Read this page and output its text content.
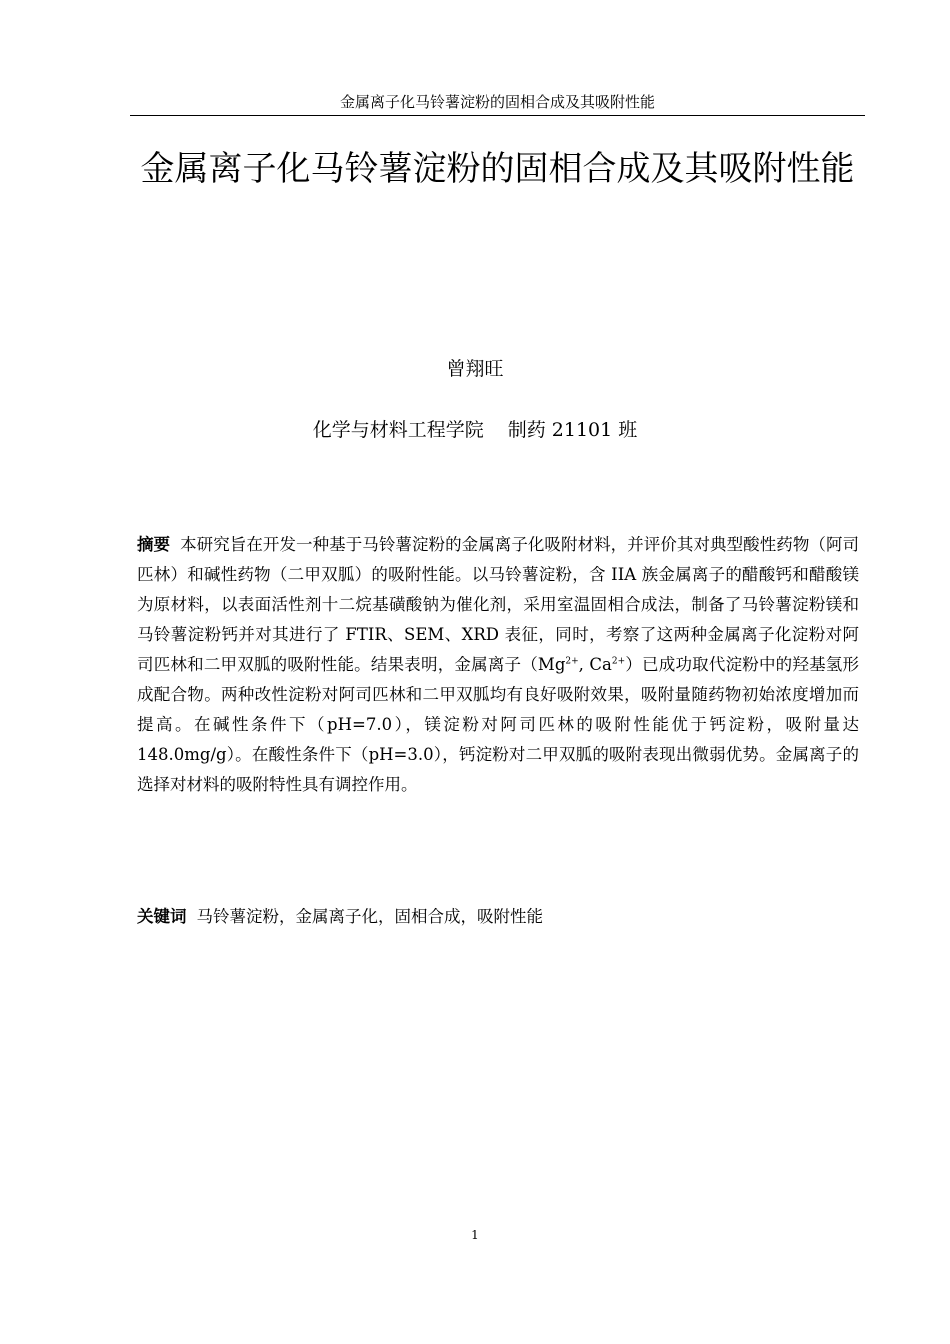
金属离子化马铃薯淀粉的固相合成及其吸附性能
金属离子化马铃薯淀粉的固相合成及其吸附性能
曾翔旺
化学与材料工程学院 制药 21101 班
摘要 本研究旨在开发一种基于马铃薯淀粉的金属离子化吸附材料，并评价其对典型酸性药物（阿司匹林）和碱性药物（二甲双胍）的吸附性能。以马铃薯淀粉，含 IIA 族金属离子的醋酸钙和醋酸镁为原材料，以表面活性剂十二烷基磺酸钠为催化剂，采用室温固相合成法，制备了马铃薯淀粉镁和马铃薯淀粉钙并对其进行了 FTIR、SEM、XRD 表征，同时，考察了这两种金属离子化淀粉对阿司匹林和二甲双胍的吸附性能。结果表明，金属离子（$Mg^{2+}$, $Ca^{2+}$）已成功取代淀粉中的羟基氢形成配合物。两种改性淀粉对阿司匹林和二甲双胍均有良好吸附效果，吸附量随药物初始浓度增加而提高。在碱性条件下（pH=7.0），镁淀粉对阿司匹林的吸附性能优于钙淀粉，吸附量达 148.0mg/g）。在酸性条件下（pH=3.0），钙淀粉对二甲双胍的吸附表现出微弱优势。金属离子的选择对材料的吸附特性具有调控作用。
关键词 马铃薯淀粉，金属离子化，固相合成，吸附性能
1
